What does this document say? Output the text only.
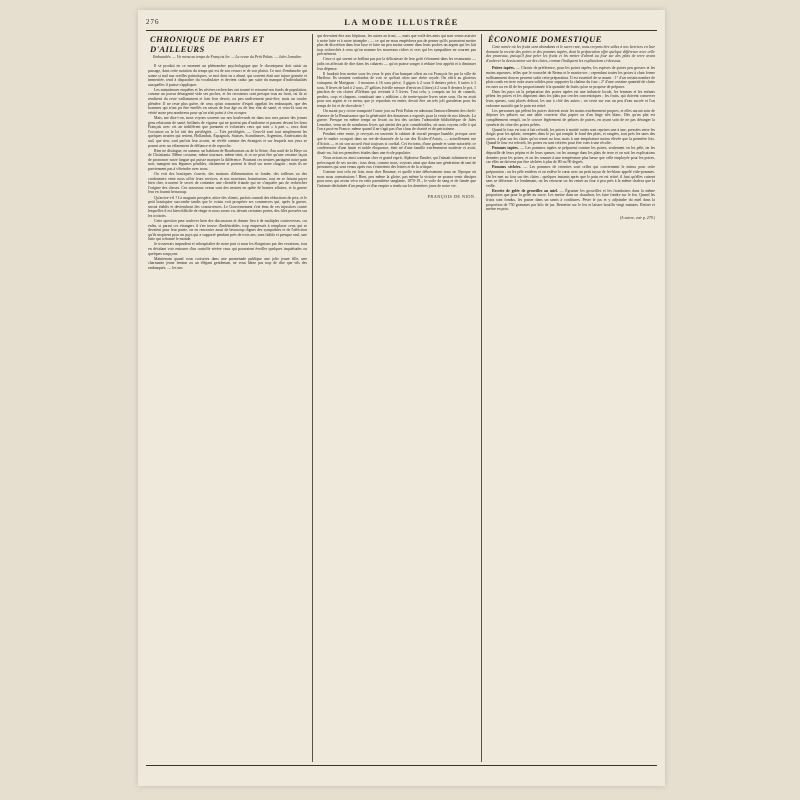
276	LA MODE ILLUSTRÉE
CHRONIQUE DE PARIS ET D'AILLEURS
Embauchés. — Un mena au temps de François Ier. — La veuve du Petit Palais. — Jules Lemaître.

Il se produit en ce moment un phénomène psychologique que le chroniqueur doit saisir au passage, dans cette notation du temps qui est de son ressort et de son plaisir. Ce mot d'embauche qui sonne si mal aux oreilles patriotiques, ce mot dont on a abusé, qui souvent était une injure gratuite et immeritée, tend à disparaître du vocabulaire et devient caduc par suite du manque d'individualités auxquelles il puisse s'appliquer.

Les minutieuses enquêtes et les sévères recherches ont tourné et retourné nos fonds de population, comme un joueur désargenté vide ses poches, et les recruteurs sont presque tous au front, où ils se rendirent du reste vaillamment et font leur devoir, ou peu tardivement peut-être, mais un touche plénière. Il ne reste plus guère, de ceux qu'un romancier d'esprit appelait les embusqués, que des hommes qui n'ont pu être enrôlés en raison de leur âge ou de leur état de santé, et ceux-là sont en vérité assez peu nombreux pour qu'on n'ait point à s'en occuper.

Mais, me dira-t-on, nous voyons souvent sur nos boulevards en dans nos rues passer des jeunes gens reluisants de santé, brillants de vigueur qui ne portent pas d'uniforme et passent devant les bons Français avec cet air indifférent que prennent et volontiers ceux qui sont « à part », ceux dont l'occasion ou la loi fait des privilégiés. — Très privilégiés. — Ceux-là sont tout simplement les quelques neutres qui restent, Hollandais, Espagnols, Suisses, Scandinaves, Argentins, Américains du sud, que rien, sauf parfois leur accent, ne révèle comme des étrangers et sur lesquels nos yeux se posent avec un effarement de défiance et de reproche.

Rien ne distingue, en somme, un habitant de Bourbonnais ou de la Seine, d'un natif de la Haye ou de Christiania. Même costume, même tournure, même teint, et ce ne peut être qu'une certaine façon de prononcer notre langue qui puisse marquer la différence. Pourtant ces neutres partagent notre pain noir, mangent nos légumes pénibles, obtiennent et portent le deuil sur notre chagrin ; mais ils ne parviennent pas à s'éteindre avec nous.

On voit des boutiques s'ouvrir, des maisons d'alimentation se fonder, des tailleurs ou des cordonniers venir nous offrir leurs services, et nos nouveaux fournisseurs, tout en se faisant payer bien cher, trouvent le secret de contenter une clientèle friande qui ne s'inquiète pas de rechercher l'origine des choses. Ces nouveaux venus sont des neutres en quête de bonnes affaires, et la guerre leur en fournit beaucoup.

Qu'arrive-t-il ? Le magasin prospère, attire des clients, parfois connaît des réductions de prix, et le petit boutiquier succombe tandis que le voisin voit prospérer ses commerces qui, après la guerre, seront établis et deviendront des concurrences. Le Gouvernement s'est ému de ces injustices contre lesquelles il est bien difficile de réagir et nous avons vu, devant certaines portes, des files pressées sur les trottoirs.

Cette question peut soulever bien des discussions et donner lieu à de multiples controverses, car enfin, si parmi ces étrangers il s'en trouve d'indésirables, trop empressés à remplacer ceux qui se devaient pour leur patrie, on en rencontre aussi de beaucoup dignes des sympathies et de l'affection qu'ils inspirent pour un pays qui a supporté pendant près de trois ans, sans faiblir et presque seul, une lutte qui a étonné le monde.

Je trouverais imprudent et inhospitalier de notre part si nous les éloignions par des vexations, tout en décidant voir entourer d'un contrôle sévère ceux qui pourraient éveiller quelques inquiétudes ou quelques soupçons.

Maintenant quand vous croiserez dans une promenade publique une jolie jeune fille, une charmante jeune femme ou un élégant gentleman, ne vous hâtez pas trop de dire que vils des embusqués, — les uns

qui devraient être aux hôpitaux, les autres au front, — mais que voilà des amis qui sont venus assister à notre lutte et à notre triomphe ; — ce qui ne nous empêchera pas de penser qu'ils pourraient mettre plus de discrétion dans leur luxe et faire un peu moins sonner dans leurs poches un argent qui les fait trop recherchés à ceux qu'on nomme les nouveaux riches et vers qui les sympathies ne courent pas précisément.

Ceux-ci qui savent se brillant pas par la délicatesse de leur goût s'étonnent dans les restaurants — jadis on affectait de dire dans les cabarets — qu'on puisse songer à réduire leur appétit et à diminuer leur dépense.

Il faudrait leur mettre sous les yeux le prix d'un banquet offert au roi François Ier par la ville de Harfleur. Ils seraient confondus de voir ce qu'était alors une chère royale. On offrit au glorieux vainqueur de Marignan : 3 moutons à 16 sous pièce, 3 gigots à 2 sous 6 deniers pièce, 6 tartes à 3 sous, 8 livres de lard à 2 sous, 27 gallons (vieille mesure d'environ 4 litres) à 2 sous 8 deniers le pot, 1 pinchon de vin clairet d'Orléans qui revenait à 5 livres. Tout cela, y compris un lot de canards, perdrix, coqs et chapons, constituait une « addition » de trente-quatre livres seize sous. On en avait pour son argent et ce menu, que je reproduis en entier, devait être un très joli gueuleton pour les temps de foi et de chevalerie !

On aurait pu y croire transporté l'autre jour au Petit Palais en admirant l'amoncellement des chefs-d'œuvre de la Renaissance que la générosité des donateurs a exposés pour la vente de nos blessés. La guerre. Presque en même temps on livrait au feu des cachets l'admirable bibliothèque de Jules Lemaître, venu un de nombreux livres qui atteint des prix considérables, où nous voyons celle à qui l'on a posé en France, même quand il ne s'agit pas d'un claus de charité et de patriotisme.

Pendant cette vente, je revoyais en souvenir le cabinet de travail presque humble, presque cave que le maître occupait dans un rez-de-chaussée de la rue des Écoles-d'Artois, — actuellement rue d'Artois — et où son accueil était toujours si cordial. Cet écrivain, d'une grande et saine notoriété, ce conférencier d'une haute et noble éloquence, était né d'une famille extrêmement modeste et avait, disait-on, fait ses premières études dans une école populaire.

Nous avions eu ainsi commun cher et grand esprit, Alphonse Daudet, qui l'aimait infiniment et se préoccupait de ses sorties ; tous deux, comme nous, voyions ainsi que dans une génération de tant de personnes qui sont venus après eux s'entretenir des lettres et de la critique.

Comme tout cela est loin, mon cher Beaume, et quelle triste déboisement nous ne l'époque où nous nous connaissions ! Bien, peu même la gloire, pas même la victoire ne pourra venir dissiper pour nous qui avons vécu en cette parenthèse sanglante, 1870-19.., le voile de sang et de fumée que l'infamie déchaînée d'un peuple et d'un empire a tendu sur les dernières jours de notre vie.

FRANÇOIS DE NION.

ÉCONOMIE DOMESTIQUE

Cette année où les fruits sont abondants et le sucre rare, nous croyons être utiles à nos lectrices en leur donnant la recette des poires et des pommes tapées, dont la préparation offre quelque différence avec celle des pruneaux, puisqu'il faut peler les fruits et les mettre d'abord au four sur des plats de terre avant d'achever la dessiccation sur des claies, comme l'indiquent les explications ci-dessous.

Poires tapées. — Choisir de préférence, pour les poires tapées, les espèces de poires peu grosses et les moins aqueuses, telles que le rousselet de Reims et le martin-sec ; cependant toutes les poires à chair ferme suffisamment douces peuvent subir cette préparation. Il est essentiel de se munir : 1° d'un certain nombre de plats ronds en terre cuite assez solides pour supporter la chaleur du four ; 2° d'une certaine quantité de claies en osier ou en fil de fer proportionnée à la quantité de fruits qu'on se propose de préparer.

Dans les pays où la préparation des poires tapées est une industrie locale, les femmes et les enfants pèlent les poires et les disposent dans les plats par cercles concentriques ; les fruits, qui doivent conserver leurs queues, sont placés debout, les uns à côté des autres ; on verse sur eux un peu d'eau sucrée et l'on enfourne aussitôt que le pain est retiré.

Les personnes qui pèlent les poires doivent avoir les mains extrêmement propres, et elles auront soin de déposer les pelures sur une table couverte d'un papier ou d'un linge très blanc. Dès qu'un plat est complètement rempli, on le couvre légèrement de pelures de poires, en ayant soin de ne pas déranger la symétrie du cône des poires pelées.

Quand le four est tout à fait refroidi, les poires à moitié cuites sont reprises une à une, pressées entre les doigts pour les aplatir, trempées dans le jus qui remplit le fond des plats, et rangées, tout près les unes des autres, à plat sur les claies qu'on remet au four, mais à une température moins élevée que la première fois. Quand le four est refroidi, les poires en sont retirées pour être vues à une récolte.

Pommes tapées. — Les pommes tapées se préparent comme les poires, seulement on les pèle, on les dépouille de leurs pépins et de leurs queues, on les arrange dans les plats de terre et on suit les explications données pour les poires, et on les soumet à une température plus basse que celle employée pour les poires, car elles ne doivent pas être séchées à plus de 80 ou 90 degrés.

Pommes séchées. — Les pommes de reinettes sont celles qui conviennent le mieux pour cette préparation ; on les pèle entières et on enlève le cœur avec un petit tuyau de fer-blanc appelé vide-pommes. On les met au four sur des claies ; quelques instants après que le pain en est retiré, il faut qu'elles cuisent sans se déformer. Le lendemain, on les retourne on les remet au four à peu près à la même chaleur que la veille.

Recette de gelée de groseilles au miel. — Égrainer les groseilles et les framboises dans la même proportion que pour la gelée au sucre. Les mettre dans un chaudron, les faire fondre sur le feu. Quand les fruits sont fondus, les passer dans un tamis à confitures. Peser le jus et y adjoindre du miel dans la proportion de 750 grammes par kilo de jus. Remettre sur le feu et laisser bouillir vingt minutes. Retirer et mettre en pots.

(A suivre, voir p. 279.)
